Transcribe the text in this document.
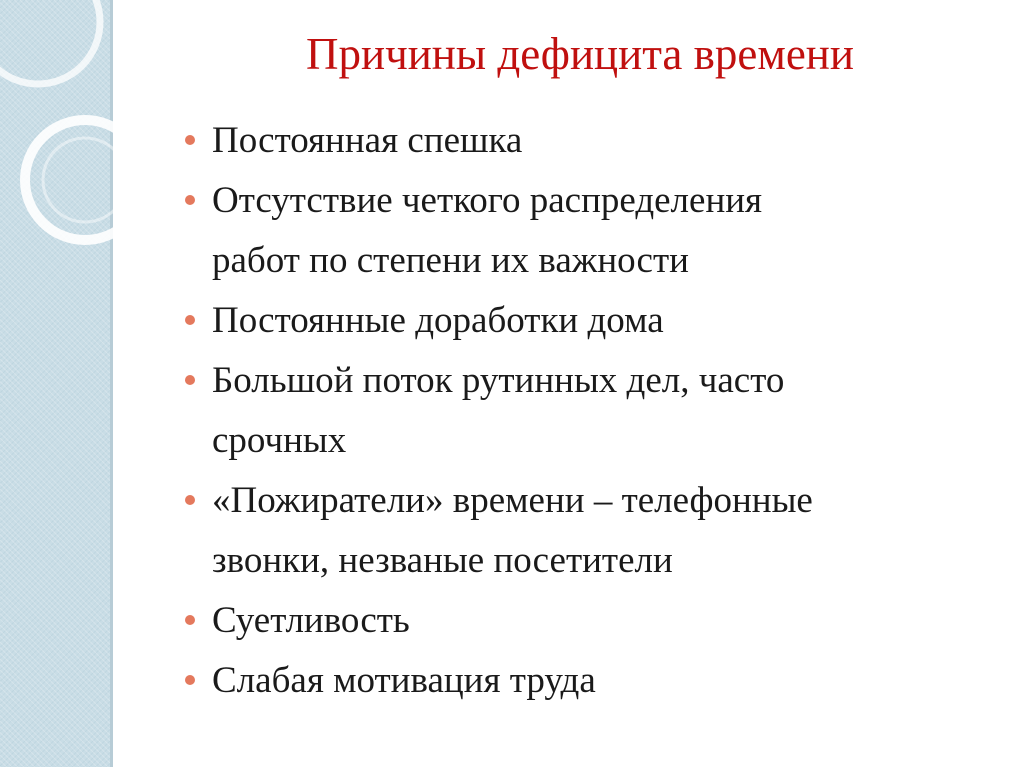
Причины дефицита времени
Постоянная спешка
Отсутствие четкого распределения
работ по степени их важности
Постоянные доработки дома
Большой поток рутинных дел, часто
срочных
«Пожиратели» времени – телефонные
звонки, незваные посетители
Суетливость
Слабая мотивация труда
